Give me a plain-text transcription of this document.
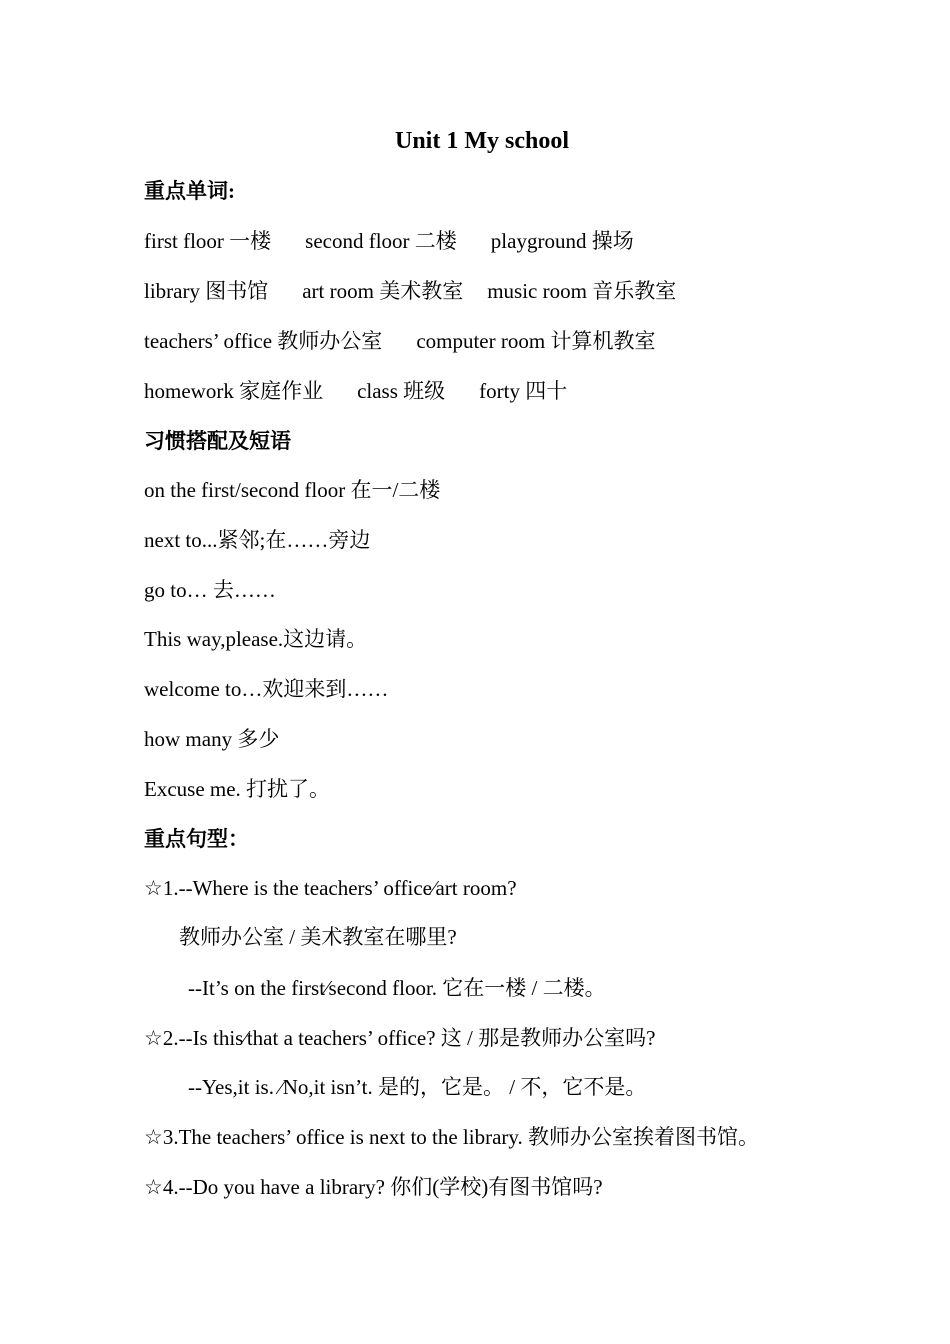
Unit 1 My school
重点单词:
first floor 一楼 second floor 二楼 playground 操场
library 图书馆 art room 美术教室 music room 音乐教室
teachers’ office 教师办公室 computer room 计算机教室
homework 家庭作业 class 班级 forty 四十
习惯搭配及短语
on the first/second floor 在一/二楼
next to...紧邻;在……旁边
go to… 去……
This way,please.这边请。
welcome to…欢迎来到……
how many 多少
Excuse me. 打扰了。
重点句型：
☆1.--Where is the teachers’ office⁄art room?
教师办公室 / 美术教室在哪里?
--It’s on the first⁄second floor. 它在一楼 / 二楼。
☆2.--Is this⁄that a teachers’ office? 这 / 那是教师办公室吗?
--Yes,it is. ⁄No,it isn’t. 是的，它是。 / 不，它不是。
☆3.The teachers’ office is next to the library. 教师办公室挨着图书馆。
☆4.--Do you have a library? 你们(学校)有图书馆吗?
